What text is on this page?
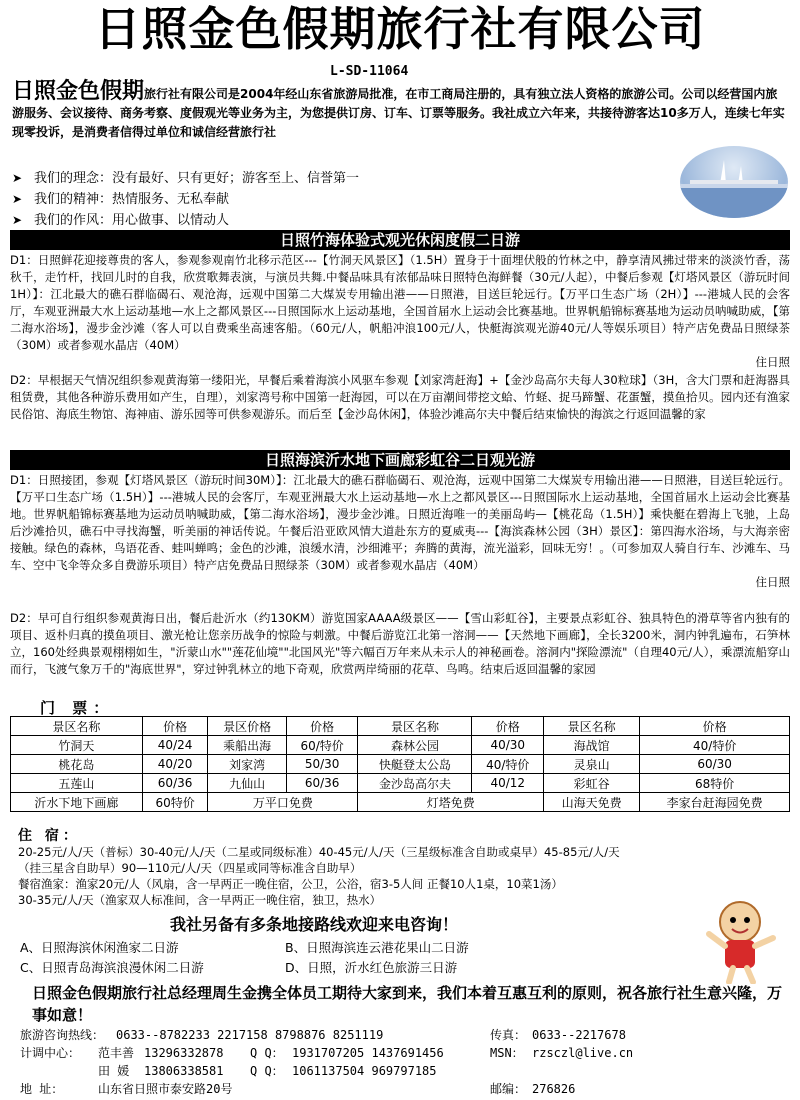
日照金色假期旅行社有限公司
L-SD-11064
日照金色假期旅行社有限公司是2004年经山东省旅游局批准，在市工商局注册的，具有独立法人资格的旅游公司。公司以经营国内旅游服务、会议接待、商务考察、度假观光等业务为主，为您提供订房、订车、订票等服务。我社成立六年来，共接待游客达10多万人，连续七年实现零投诉，是消费者信得过单位和诚信经营旅行社
➤ 我们的理念：没有最好、只有更好；游客至上、信誉第一
➤ 我们的精神：热情服务、无私奉献
➤ 我们的作风：用心做事、以情动人
日照竹海体验式观光休闲度假二日游
D1：日照鲜花迎接尊贵的客人，参观参观南竹北移示范区---【竹洞天风景区】（1.5H）置身于十面埋伏般的竹林之中，静享清风拂过带来的淡淡竹香，荡秋千，走竹杆，找回儿时的自我，欣赏歌舞表演，与演员共舞.中餐品味具有浓郁品味日照特色海鲜餐（30元/人起），中餐后参观【灯塔风景区（游玩时间1H）】：江北最大的礁石群临碣石、观沧海，远观中国第二大煤炭专用输出港——日照港，目送巨轮远行。【万平口生态广场（2H）】---港城人民的会客厅，车观亚洲最大水上运动基地—水上之都风景区---日照国际水上运动基地，全国首届水上运动会比赛基地。世界帆船锦标赛基地为运动员呐喊助威，【第二海水浴场】，漫步金沙滩（客人可以自费乘坐高速客船。（60元/人，帆船冲浪100元/人，快艇海滨观光游40元/人等娱乐项目）特产店免费品日照绿茶（30M）或者参观水晶店（40M）
住日照
D2：早根据天气情况组织参观黄海第一缕阳光，早餐后乘着海滨小风驱车参观【刘家湾赶海】+【金沙岛高尔夫每人30粒球】（3H，含大门票和赶海器具租赁费，其他各种游乐费用如产生，自理），刘家湾号称中国第一赶海园，可以在万亩潮间带挖文蛤、竹蛏、捉马蹄蟹、花蛋蟹，摸鱼拾贝。园内还有渔家民俗馆、海底生物馆、海神庙、游乐园等可供参观游乐。而后至【金沙岛休闲】，体验沙滩高尔夫中餐后结束愉快的海滨之行返回温馨的家
日照海滨沂水地下画廊彩虹谷二日观光游
D1：日照接团，参观【灯塔风景区（游玩时间30M）】：江北最大的礁石群临碣石、观沧海，远观中国第二大煤炭专用输出港——日照港，目送巨轮远行。【万平口生态广场（1.5H）】---港城人民的会客厅，车观亚洲最大水上运动基地—水上之都风景区---日照国际水上运动基地，全国首届水上运动会比赛基地。世界帆船锦标赛基地为运动员呐喊助威，【第二海水浴场】，漫步金沙滩。日照近海唯一的美丽岛屿—【桃花岛（1.5H）】乘快艇在碧海上飞驰，上岛后沙滩拾贝，礁石中寻找海蟹，听美丽的神话传说。午餐后沿亚欧风情大道赴东方的夏威夷---【海滨森林公园（3H）景区】：第四海水浴场，与大海亲密接触。绿色的森林，鸟语花香、蛙叫蝉鸣；金色的沙滩，浪缓水清，沙细滩平；奔腾的黄海，流光溢彩，回味无穷！。（可参加双人骑自行车、沙滩车、马车、空中飞伞等众多自费游乐项目）特产店免费品日照绿茶（30M）或者参观水晶店（40M）
住日照
D2：早可自行组织参观黄海日出，餐后赴沂水（约130KM）游览国家AAAA级景区——【雪山彩虹谷】，主要景点彩虹谷、独具特色的滑草等省内独有的项目、返朴归真的摸鱼项目、激光枪让您亲历战争的惊险与刺激。中餐后游览江北第一溶洞——【天然地下画廊】，全长3200米，洞内钟乳遍布，石笋林立，160处经典景观栩栩如生，"沂蒙山水""莲花仙境""北国风光"等六幅百万年来从未示人的神秘画卷。溶洞内"探险漂流"（自理40元/人），乘漂流船穿山而行，飞渡气象万千的"海底世界"，穿过钟乳林立的地下奇观，欣赏两岸绮丽的花草、鸟鸣。结束后返回温馨的家园
门 票：
景区名称	价格	景区价格	价格	景区名称	价格	景区名称	价格
竹洞天	40/24	乘船出海	60/特价	森林公园	40/30	海战馆	40/特价
桃花岛	40/20	刘家湾	50/30	快艇登太公岛	40/特价	灵泉山	60/30
五莲山	60/36	九仙山	60/36	金沙岛高尔夫	40/12	彩虹谷	68特价
沂水下地下画廊	60特价	万平口免费		灯塔免费		山海天免费	李家台赶海园免费
住 宿：
20-25元/人/天（普标）30-40元/人/天（二星或同级标准）40-45元/人/天（三星级标准含自助或桌早）45-85元/人/天
（挂三星含自助早）90—110元/人/天（四星或同等标准含自助早）
餐宿渔家：渔家20元/人（风扇，含一早两正一晚住宿，公卫，公浴，宿3-5人间 正餐10人1桌，10菜1汤）
30-35元/人/天（渔家双人标准间，含一早两正一晚住宿，独卫，热水）
我社另备有多条地接路线欢迎来电咨询！
A、日照海滨休闲渔家二日游	B、日照海滨连云港花果山二日游 C、日照青岛海滨浪漫休闲二日游	D、日照，沂水红色旅游三日游
日照金色假期旅行社总经理周生金携全体员工期待大家到来，我们本着互惠互利的原则，祝各旅行社生意兴隆，万事如意！
旅游咨询热线： 0633--8782233 2217158 8798876 8251119	传真： 0633--2217678
计调中心： 范丰善 13296332878 Q Q： 1931707205 1437691456	MSN： rzsczl@live.cn
田 媛 13806338581 Q Q： 1061137504 969797185
地 址：	山东省日照市泰安路20号	邮编： 276826
